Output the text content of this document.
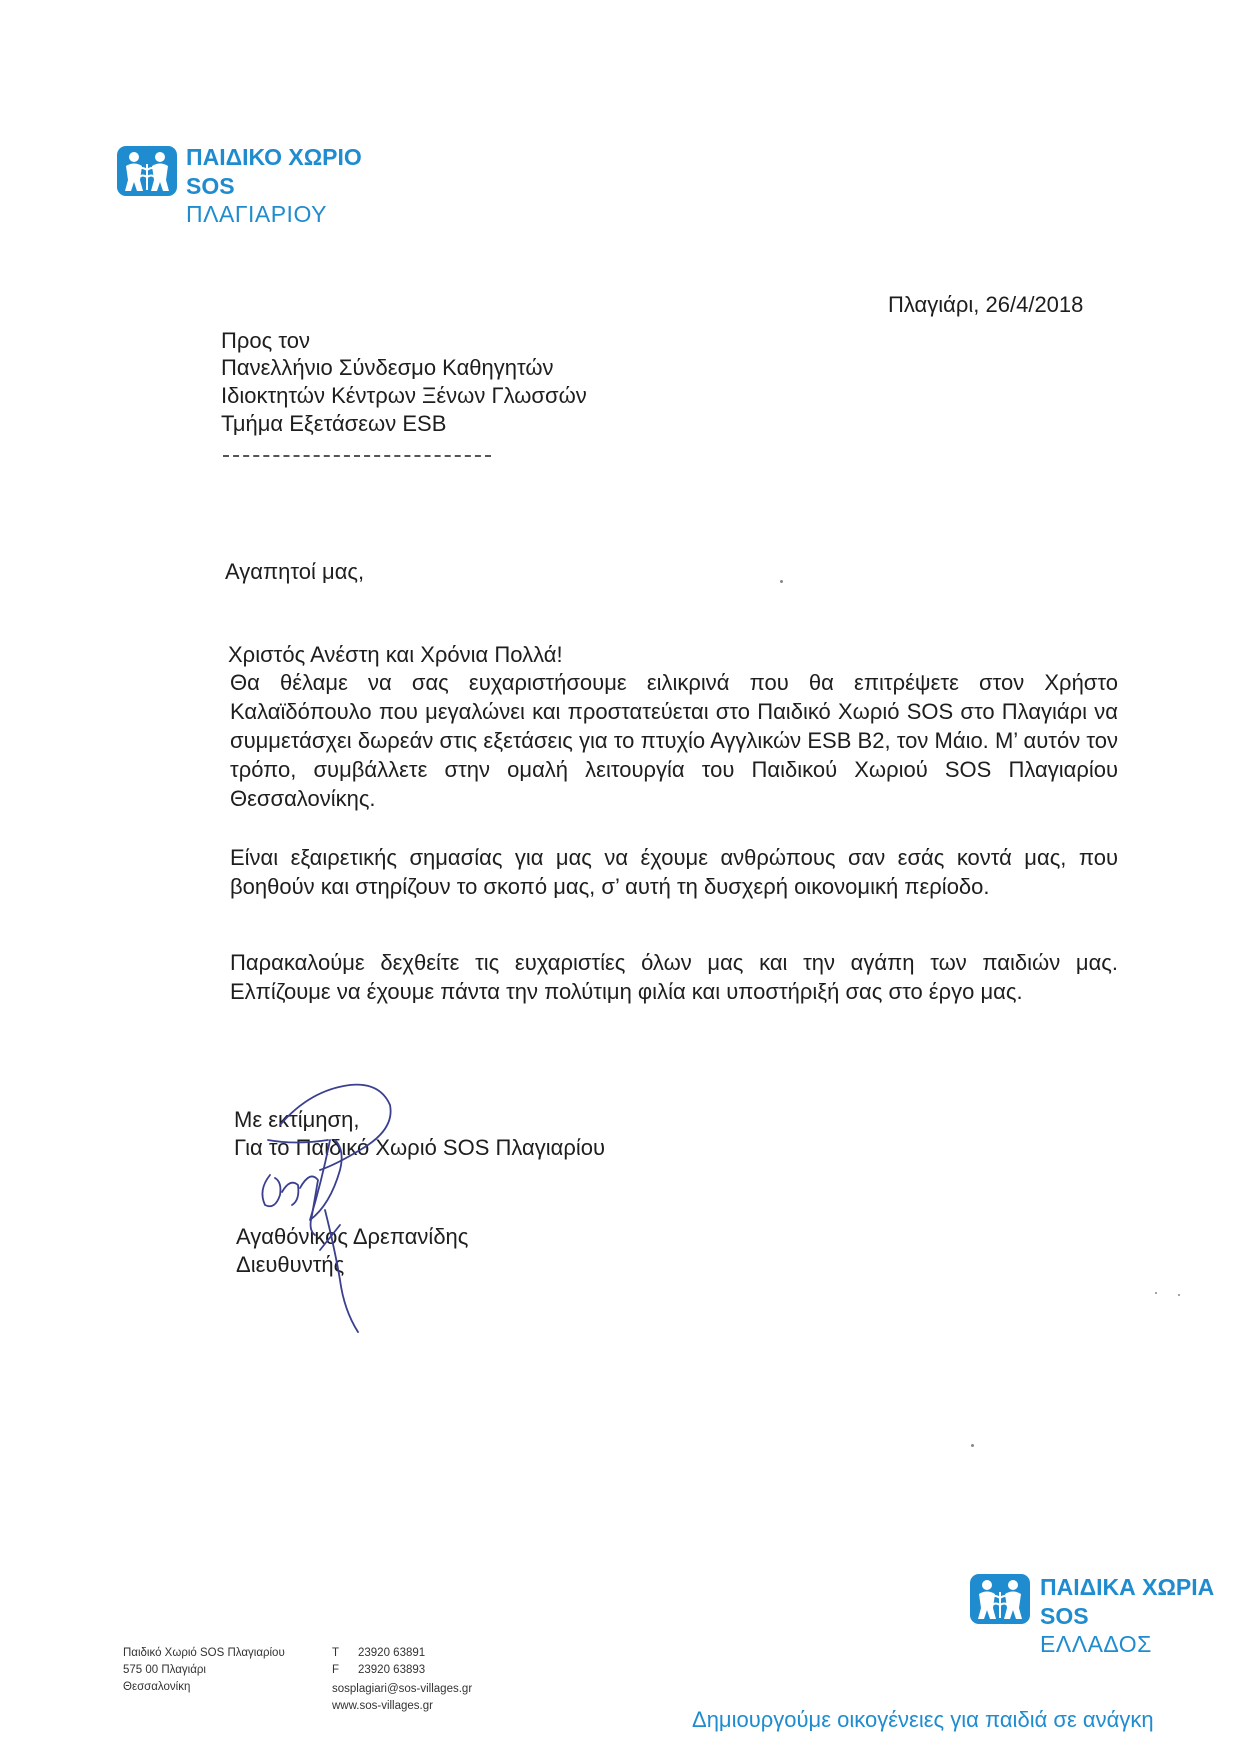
ΠΑΙΔΙΚΟ ΧΩΡΙΟ
SOS
ΠΛΑΓΙΑΡΙΟΥ
Πλαγιάρι, 26/4/2018
Προς τον
Πανελλήνιο Σύνδεσμο Καθηγητών
Ιδιοκτητών Κέντρων Ξένων Γλωσσών
Τμήμα Εξετάσεων ESB
Αγαπητοί μας,
Χριστός Ανέστη και Χρόνια Πολλά!
Θα θέλαμε να σας ευχαριστήσουμε ειλικρινά που θα επιτρέψετε στον Χρήστο Καλαϊδόπουλο που μεγαλώνει και προστατεύεται στο Παιδικό Χωριό SOS στο Πλαγιάρι να συμμετάσχει δωρεάν στις εξετάσεις για το πτυχίο Αγγλικών ESB B2, τον Μάιο. Μ’ αυτόν τον τρόπο, συμβάλλετε στην ομαλή λειτουργία του Παιδικού Χωριού SOS Πλαγιαρίου Θεσσαλονίκης.
Είναι εξαιρετικής σημασίας για μας να έχουμε ανθρώπους σαν εσάς κοντά μας, που βοηθούν και στηρίζουν το σκοπό μας, σ’ αυτή τη δυσχερή οικονομική περίοδο.
Παρακαλούμε δεχθείτε τις ευχαριστίες όλων μας και την αγάπη των παιδιών μας. Ελπίζουμε να έχουμε πάντα την πολύτιμη φιλία και υποστήριξή σας στο έργο μας.
Με εκτίμηση,
Για το Παιδικό Χωριό SOS Πλαγιαρίου
Αγαθόνικος Δρεπανίδης
Διευθυντής
Παιδικό Χωριό SOS Πλαγιαρίου
575 00 Πλαγιάρι
Θεσσαλονίκη
T 23920 63891
F 23920 63893
sosplagiari@sos-villages.gr
www.sos-villages.gr
ΠΑΙΔΙΚΑ ΧΩΡΙΑ
SOS
ΕΛΛΑΔΟΣ
Δημιουργούμε οικογένειες για παιδιά σε ανάγκη
